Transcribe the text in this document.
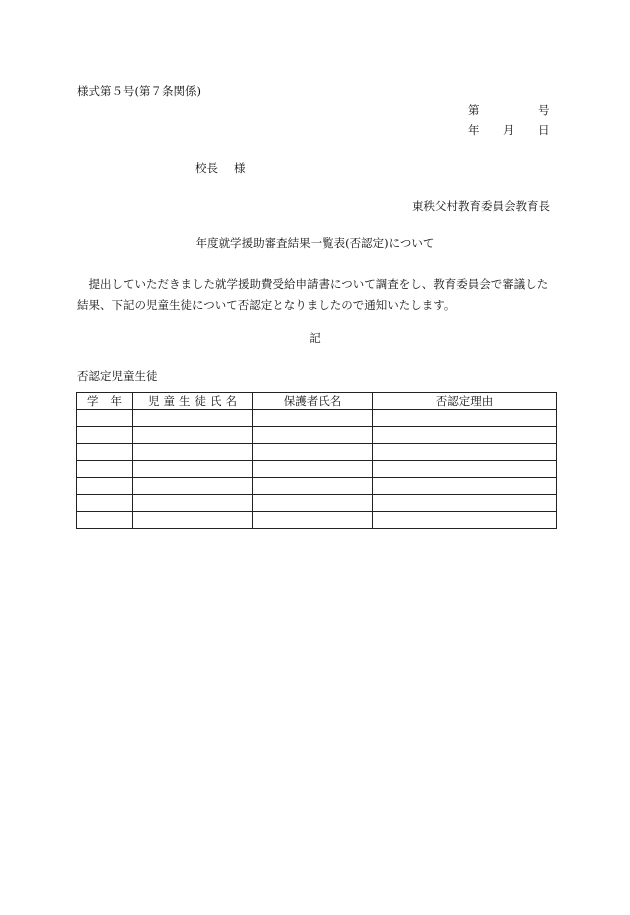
様式第５号(第７条関係)
第	号
年 月 日
校長 様
東秩父村教育委員会教育長
年度就学援助審査結果一覧表(否認定)について
提出していただきました就学援助費受給申請書について調査をし、教育委員会で審議した結果、下記の児童生徒について否認定となりましたので通知いたします。
記
否認定児童生徒
学年	児童生徒氏名	保護者氏名	否認定理由
